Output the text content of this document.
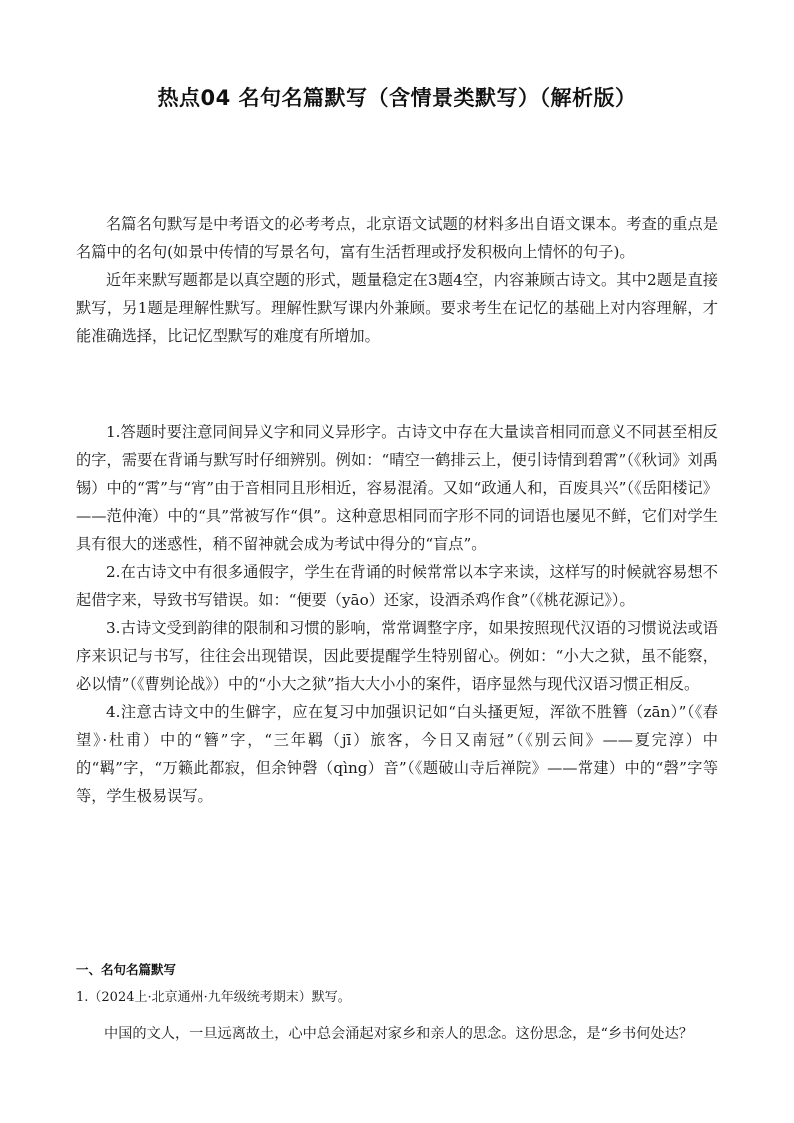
热点04 名句名篇默写（含情景类默写）（解析版）

名篇名句默写是中考语文的必考考点，北京语文试题的材料多出自语文课本。考查的重点是名篇中的名句(如景中传情的写景名句，富有生活哲理或抒发积极向上情怀的句子)。

近年来默写题都是以真空题的形式，题量稳定在3题4空，内容兼顾古诗文。其中2题是直接默写，另1题是理解性默写。理解性默写课内外兼顾。要求考生在记忆的基础上对内容理解，才能准确选择，比记忆型默写的难度有所增加。

1.答题时要注意同间异义字和同义异形字。古诗文中存在大量读音相同而意义不同甚至相反的字，需要在背诵与默写时仔细辨别。例如：“晴空一鹤排云上，便引诗情到碧霄”（《秋词》刘禹锡）中的“霄”与“宵”由于音相同且形相近，容易混淆。又如“政通人和，百废具兴”（《岳阳楼记》——范仲淹）中的“具”常被写作“俱”。这种意思相同而字形不同的词语也屡见不鲜，它们对学生具有很大的迷惑性，稍不留神就会成为考试中得分的“盲点”。

2.在古诗文中有很多通假字，学生在背诵的时候常常以本字来读，这样写的时候就容易想不起借字来，导致书写错误。如：“便要（yāo）还家，设酒杀鸡作食”（《桃花源记》）。

3.古诗文受到韵律的限制和习惯的影响，常常调整字序，如果按照现代汉语的习惯说法或语序来识记与书写，往往会出现错误，因此要提醒学生特别留心。例如：“小大之狱，虽不能察，必以情”（《曹刿论战》）中的“小大之狱”指大大小小的案件，语序显然与现代汉语习惯正相反。

4.注意古诗文中的生僻字，应在复习中加强识记如“白头搔更短，浑欲不胜簪（zān）”（《春望》·杜甫）中的“簪”字，“三年羁（jī）旅客，今日又南冠”（《别云间》——夏完淳）中的“羁”字，“万籁此都寂，但余钟磬（qìng）音”（《题破山寺后禅院》——常建）中的“磬”字等等，学生极易误写。

一、名句名篇默写
1.（2024上·北京通州·九年级统考期末）默写。
中国的文人，一旦远离故土，心中总会涌起对家乡和亲人的思念。这份思念，是“乡书何处达？
